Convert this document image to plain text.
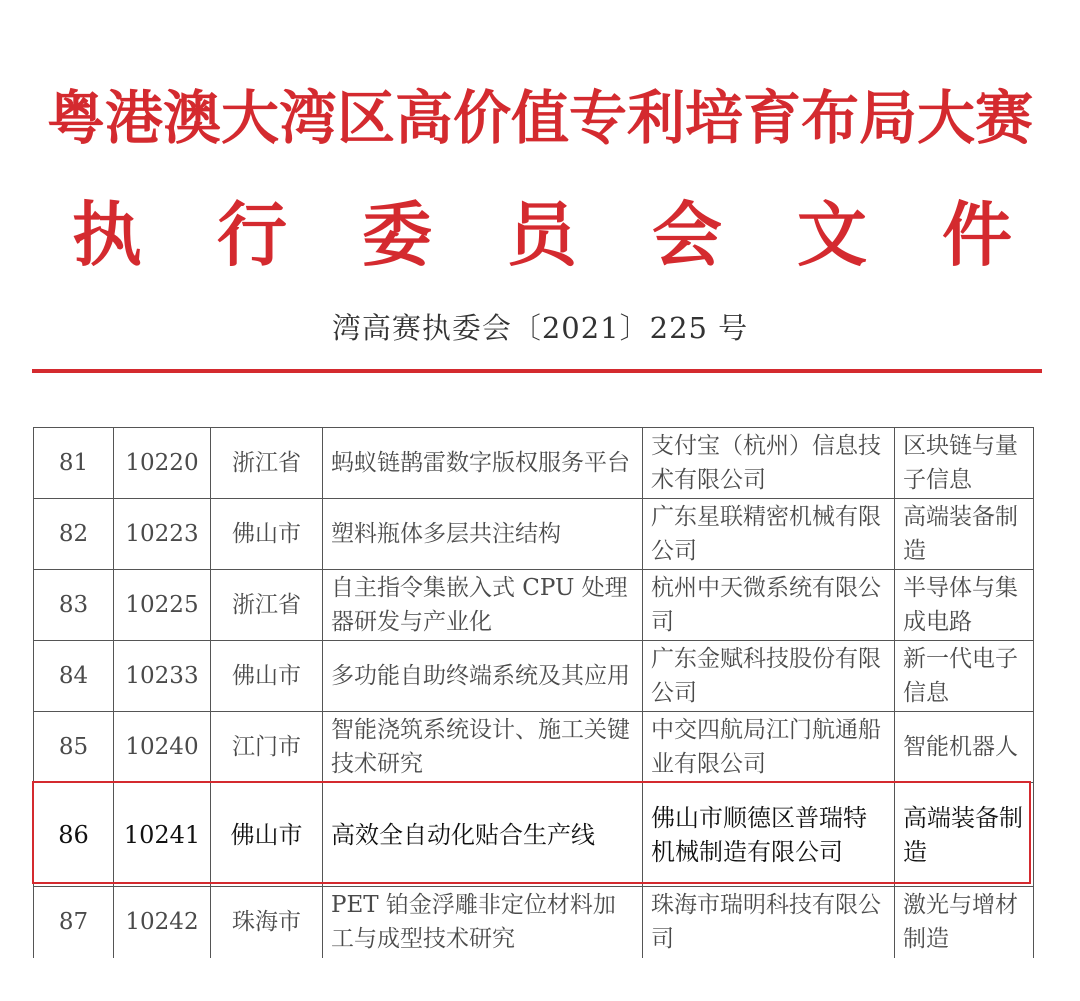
粤港澳大湾区高价值专利培育布局大赛
执 行 委 员 会 文 件
湾高赛执委会〔2021〕225 号
81	10220	浙江省	蚂蚁链鹊雷数字版权服务平台	支付宝（杭州）信息技术有限公司	区块链与量子信息
82	10223	佛山市	塑料瓶体多层共注结构	广东星联精密机械有限公司	高端装备制造
83	10225	浙江省	自主指令集嵌入式 CPU 处理器研发与产业化	杭州中天微系统有限公司	半导体与集成电路
84	10233	佛山市	多功能自助终端系统及其应用	广东金赋科技股份有限公司	新一代电子信息
85	10240	江门市	智能浇筑系统设计、施工关键技术研究	中交四航局江门航通船业有限公司	智能机器人
86	10241	佛山市	高效全自动化贴合生产线	佛山市顺德区普瑞特机械制造有限公司	高端装备制造
87	10242	珠海市	PET 铂金浮雕非定位材料加工与成型技术研究	珠海市瑞明科技有限公司	激光与增材制造
